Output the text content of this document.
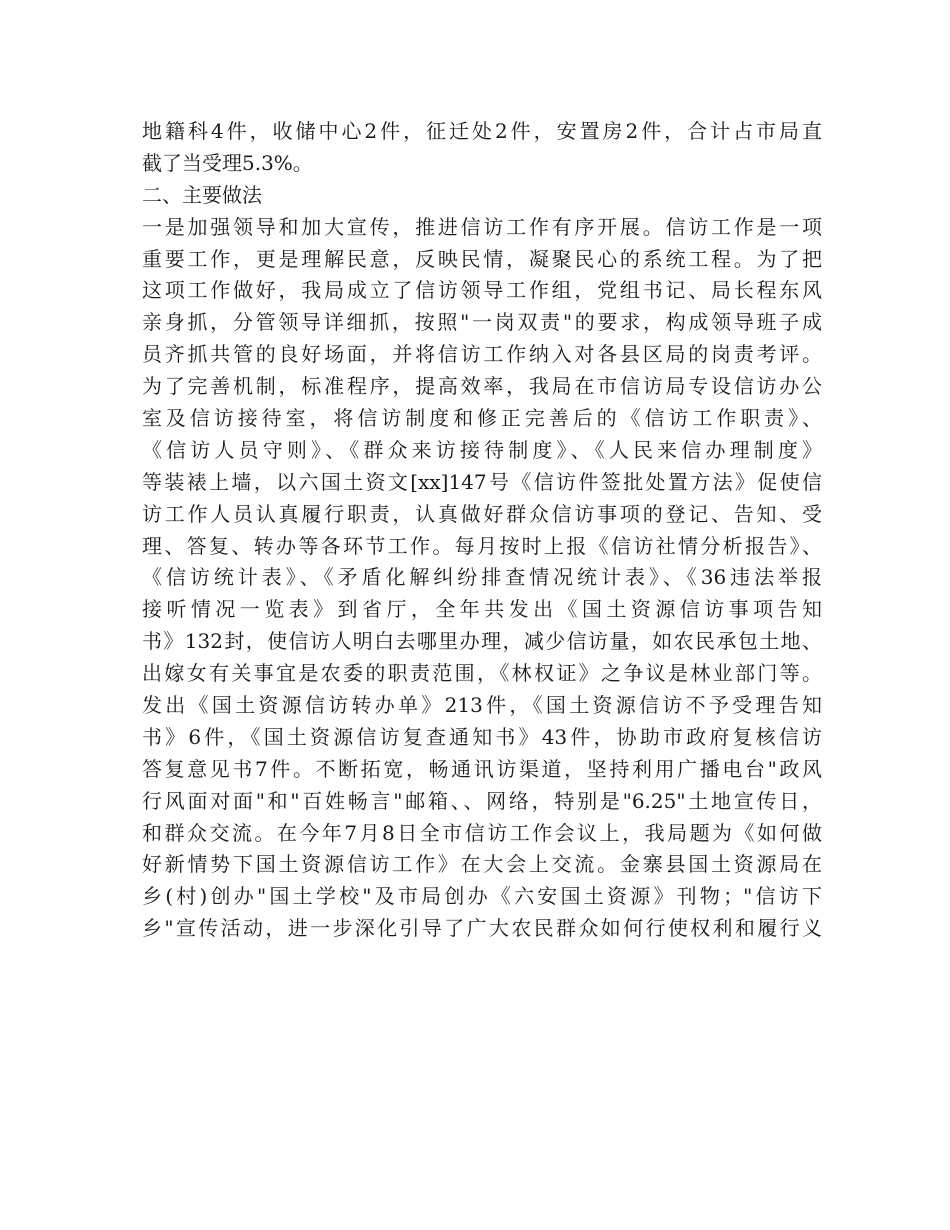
地籍科4件，收储中心2件，征迁处2件，安置房2件，合计占市局直
截了当受理5.3%。
二、主要做法
一是加强领导和加大宣传，推进信访工作有序开展。信访工作是一项
重要工作，更是理解民意，反映民情，凝聚民心的系统工程。为了把
这项工作做好，我局成立了信访领导工作组，党组书记、局长程东风
亲身抓，分管领导详细抓，按照"一岗双责"的要求，构成领导班子成
员齐抓共管的良好场面，并将信访工作纳入对各县区局的岗责考评。
为了完善机制，标准程序，提高效率，我局在市信访局专设信访办公
室及信访接待室，将信访制度和修正完善后的《信访工作职责》、
《信访人员守则》、《群众来访接待制度》、《人民来信办理制度》
等装裱上墙，以六国土资文[xx]147号《信访件签批处置方法》促使信
访工作人员认真履行职责，认真做好群众信访事项的登记、告知、受
理、答复、转办等各环节工作。每月按时上报《信访社情分析报告》、
《信访统计表》、《矛盾化解纠纷排查情况统计表》、《36违法举报
接听情况一览表》到省厅，全年共发出《国土资源信访事项告知
书》132封，使信访人明白去哪里办理，减少信访量，如农民承包土地、
出嫁女有关事宜是农委的职责范围，《林权证》之争议是林业部门等。
发出《国土资源信访转办单》213件，《国土资源信访不予受理告知
书》6件，《国土资源信访复查通知书》43件，协助市政府复核信访
答复意见书7件。不断拓宽，畅通讯访渠道，坚持利用广播电台"政风
行风面对面"和"百姓畅言"邮箱、、网络，特别是"6.25"土地宣传日，
和群众交流。在今年7月8日全市信访工作会议上，我局题为《如何做
好新情势下国土资源信访工作》在大会上交流。金寨县国土资源局在
乡(村)创办"国土学校"及市局创办《六安国土资源》刊物；"信访下
乡"宣传活动，进一步深化引导了广大农民群众如何行使权利和履行义
